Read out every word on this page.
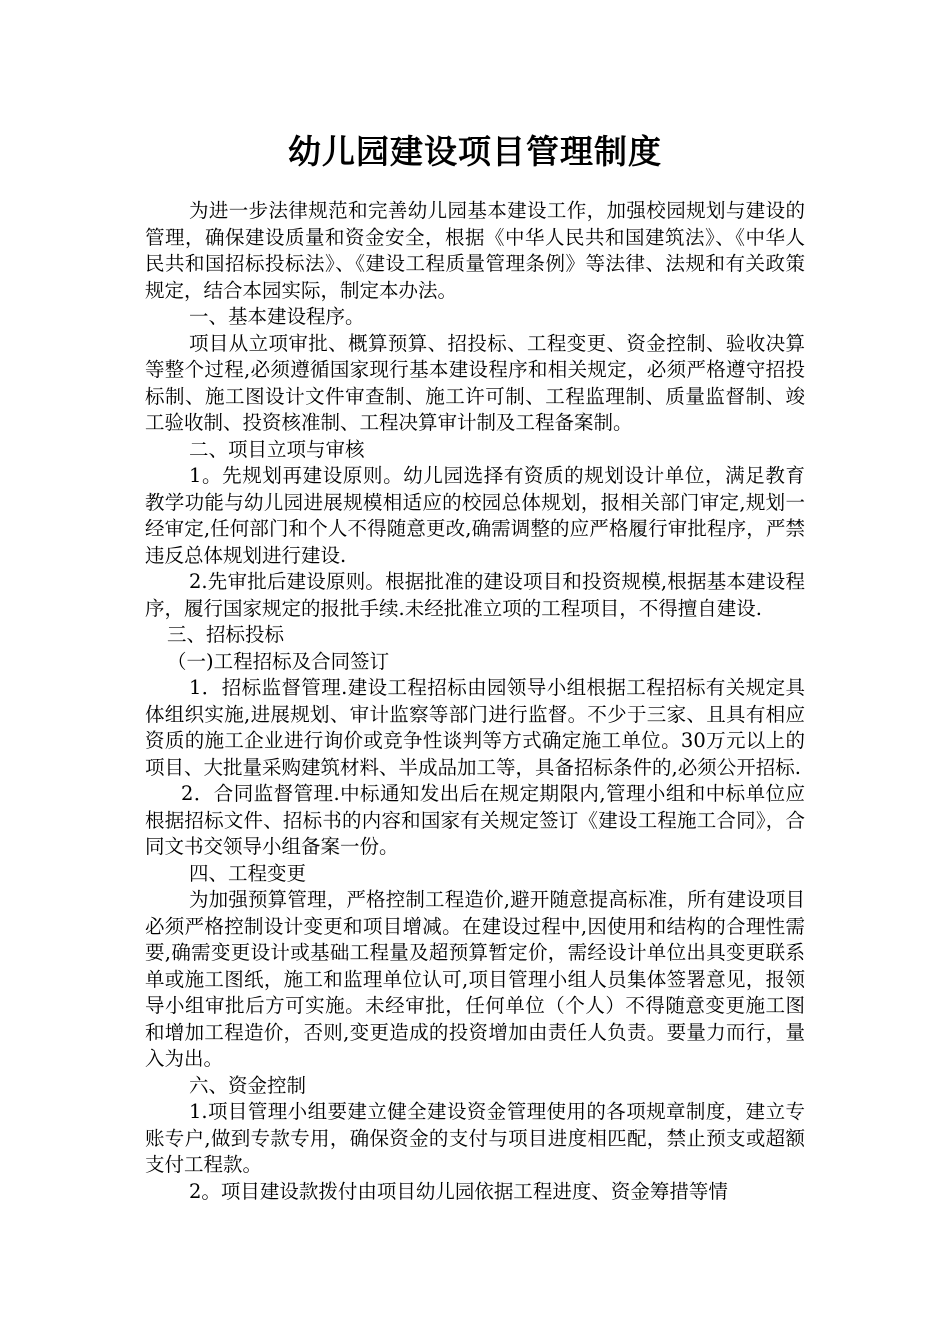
幼儿园建设项目管理制度

为进一步法律规范和完善幼儿园基本建设工作，加强校园规划与建设的管理，确保建设质量和资金安全，根据《中华人民共和国建筑法》、《中华人民共和国招标投标法》、《建设工程质量管理条例》等法律、法规和有关政策规定，结合本园实际，制定本办法。

一、基本建设程序。

项目从立项审批、概算预算、招投标、工程变更、资金控制、验收决算等整个过程,必须遵循国家现行基本建设程序和相关规定，必须严格遵守招投标制、施工图设计文件审查制、施工许可制、工程监理制、质量监督制、竣工验收制、投资核准制、工程决算审计制及工程备案制。

二、项目立项与审核

1。先规划再建设原则。幼儿园选择有资质的规划设计单位，满足教育教学功能与幼儿园进展规模相适应的校园总体规划，报相关部门审定,规划一经审定,任何部门和个人不得随意更改,确需调整的应严格履行审批程序，严禁违反总体规划进行建设.

2.先审批后建设原则。根据批准的建设项目和投资规模,根据基本建设程序，履行国家规定的报批手续.未经批准立项的工程项目，不得擅自建设.

三、招标投标

（一)工程招标及合同签订

1．招标监督管理.建设工程招标由园领导小组根据工程招标有关规定具体组织实施,进展规划、审计监察等部门进行监督。不少于三家、且具有相应资质的施工企业进行询价或竞争性谈判等方式确定施工单位。30万元以上的项目、大批量采购建筑材料、半成品加工等，具备招标条件的,必须公开招标.

2．合同监督管理.中标通知发出后在规定期限内,管理小组和中标单位应根据招标文件、招标书的内容和国家有关规定签订《建设工程施工合同》，合同文书交领导小组备案一份。

四、工程变更

为加强预算管理，严格控制工程造价,避开随意提高标准，所有建设项目必须严格控制设计变更和项目增减。在建设过程中,因使用和结构的合理性需要,确需变更设计或基础工程量及超预算暂定价，需经设计单位出具变更联系单或施工图纸，施工和监理单位认可,项目管理小组人员集体签署意见，报领导小组审批后方可实施。未经审批，任何单位（个人）不得随意变更施工图和增加工程造价，否则,变更造成的投资增加由责任人负责。要量力而行，量入为出。

六、资金控制

1.项目管理小组要建立健全建设资金管理使用的各项规章制度，建立专账专户,做到专款专用，确保资金的支付与项目进度相匹配，禁止预支或超额支付工程款。

2。项目建设款拨付由项目幼儿园依据工程进度、资金筹措等情
